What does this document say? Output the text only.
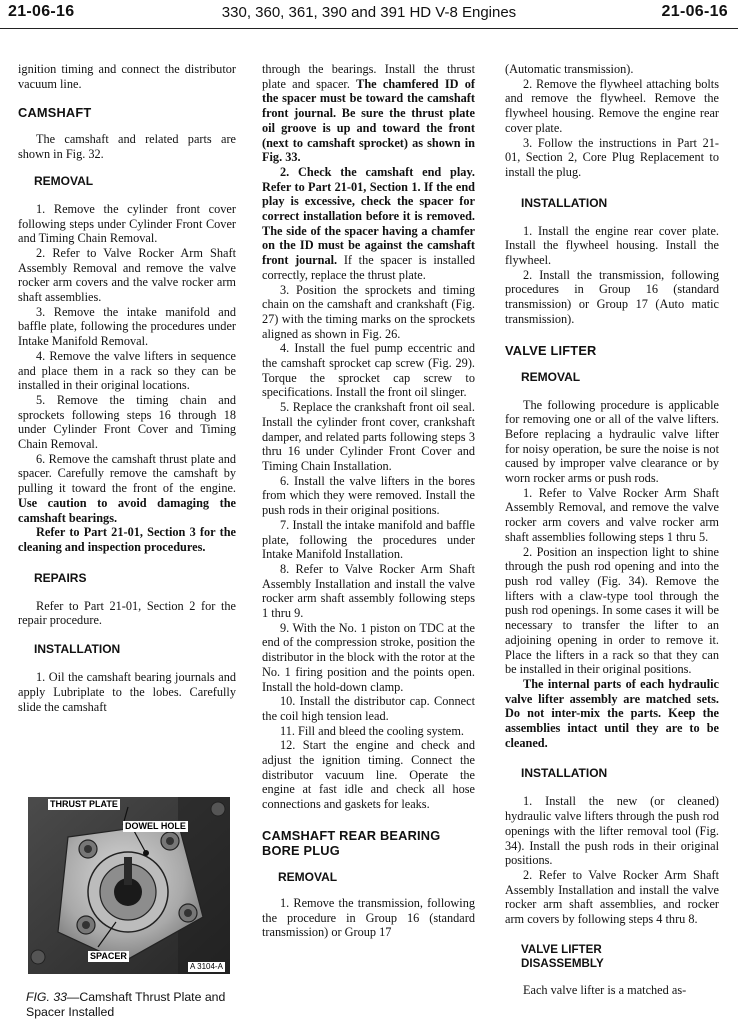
21-06-16	330, 360, 361, 390 and 391 HD V-8 Engines	21-06-16

ignition timing and connect the distributor vacuum line.

CAMSHAFT

The camshaft and related parts are shown in Fig. 32.

REMOVAL

1. Remove the cylinder front cover following steps under Cylinder Front Cover and Timing Chain Removal.

2. Refer to Valve Rocker Arm Shaft Assembly Removal and remove the valve rocker arm covers and the valve rocker arm shaft assemblies.

3. Remove the intake manifold and baffle plate, following the procedures under Intake Manifold Removal.

4. Remove the valve lifters in sequence and place them in a rack so they can be installed in their original locations.

5. Remove the timing chain and sprockets following steps 16 through 18 under Cylinder Front Cover and Timing Chain Removal.

6. Remove the camshaft thrust plate and spacer. Carefully remove the camshaft by pulling it toward the front of the engine. Use caution to avoid damaging the camshaft bearings.

Refer to Part 21-01, Section 3 for the cleaning and inspection procedures.

REPAIRS

Refer to Part 21-01, Section 2 for the repair procedure.

INSTALLATION

1. Oil the camshaft bearing journals and apply Lubriplate to the lobes. Carefully slide the camshaft

THRUST PLATE
DOWEL HOLE
SPACER
A 3104-A
FIG. 33—Camshaft Thrust Plate and Spacer Installed

through the bearings. Install the thrust plate and spacer. The chamfered ID of the spacer must be toward the camshaft front journal. Be sure the thrust plate oil groove is up and toward the front (next to camshaft sprocket) as shown in Fig. 33.

2. Check the camshaft end play. Refer to Part 21-01, Section 1. If the end play is excessive, check the spacer for correct installation before it is removed. The side of the spacer having a chamfer on the ID must be against the camshaft front journal. If the spacer is installed correctly, replace the thrust plate.

3. Position the sprockets and timing chain on the camshaft and crankshaft (Fig. 27) with the timing marks on the sprockets aligned as shown in Fig. 26.

4. Install the fuel pump eccentric and the camshaft sprocket cap screw (Fig. 29). Torque the sprocket cap screw to specifications. Install the front oil slinger.

5. Replace the crankshaft front oil seal. Install the cylinder front cover, crankshaft damper, and related parts following steps 3 thru 16 under Cylinder Front Cover and Timing Chain Installation.

6. Install the valve lifters in the bores from which they were removed. Install the push rods in their original positions.

7. Install the intake manifold and baffle plate, following the procedures under Intake Manifold Installation.

8. Refer to Valve Rocker Arm Shaft Assembly Installation and install the valve rocker arm shaft assembly following steps 1 thru 9.

9. With the No. 1 piston on TDC at the end of the compression stroke, position the distributor in the block with the rotor at the No. 1 firing position and the points open. Install the hold-down clamp.

10. Install the distributor cap. Connect the coil high tension lead.

11. Fill and bleed the cooling system.

12. Start the engine and check and adjust the ignition timing. Connect the distributor vacuum line. Operate the engine at fast idle and check all hose connections and gaskets for leaks.

CAMSHAFT REAR BEARING BORE PLUG
REMOVAL

1. Remove the transmission, following the procedure in Group 16 (standard transmission) or Group 17

(Automatic transmission).

2. Remove the flywheel attaching bolts and remove the flywheel. Remove the flywheel housing. Remove the engine rear cover plate.

3. Follow the instructions in Part 21-01, Section 2, Core Plug Replacement to install the plug.

INSTALLATION

1. Install the engine rear cover plate. Install the flywheel housing. Install the flywheel.

2. Install the transmission, following procedures in Group 16 (standard transmission) or Group 17 (Auto matic transmission).

VALVE LIFTER
REMOVAL

The following procedure is applicable for removing one or all of the valve lifters. Before replacing a hydraulic valve lifter for noisy operation, be sure the noise is not caused by improper valve clearance or by worn rocker arms or push rods.

1. Refer to Valve Rocker Arm Shaft Assembly Removal, and remove the valve rocker arm covers and valve rocker arm shaft assemblies following steps 1 thru 5.

2. Position an inspection light to shine through the push rod opening and into the push rod valley (Fig. 34). Remove the lifters with a claw-type tool through the push rod openings. In some cases it will be necessary to transfer the lifter to an adjoining opening in order to remove it. Place the lifters in a rack so that they can be installed in their original positions.

The internal parts of each hydraulic valve lifter assembly are matched sets. Do not inter-mix the parts. Keep the assemblies intact until they are to be cleaned.

INSTALLATION

1. Install the new (or cleaned) hydraulic valve lifters through the push rod openings with the lifter removal tool (Fig. 34). Install the push rods in their original positions.

2. Refer to Valve Rocker Arm Shaft Assembly Installation and install the valve rocker arm shaft assemblies, and rocker arm covers by following steps 4 thru 8.

VALVE LIFTER DISASSEMBLY

Each valve lifter is a matched as-
